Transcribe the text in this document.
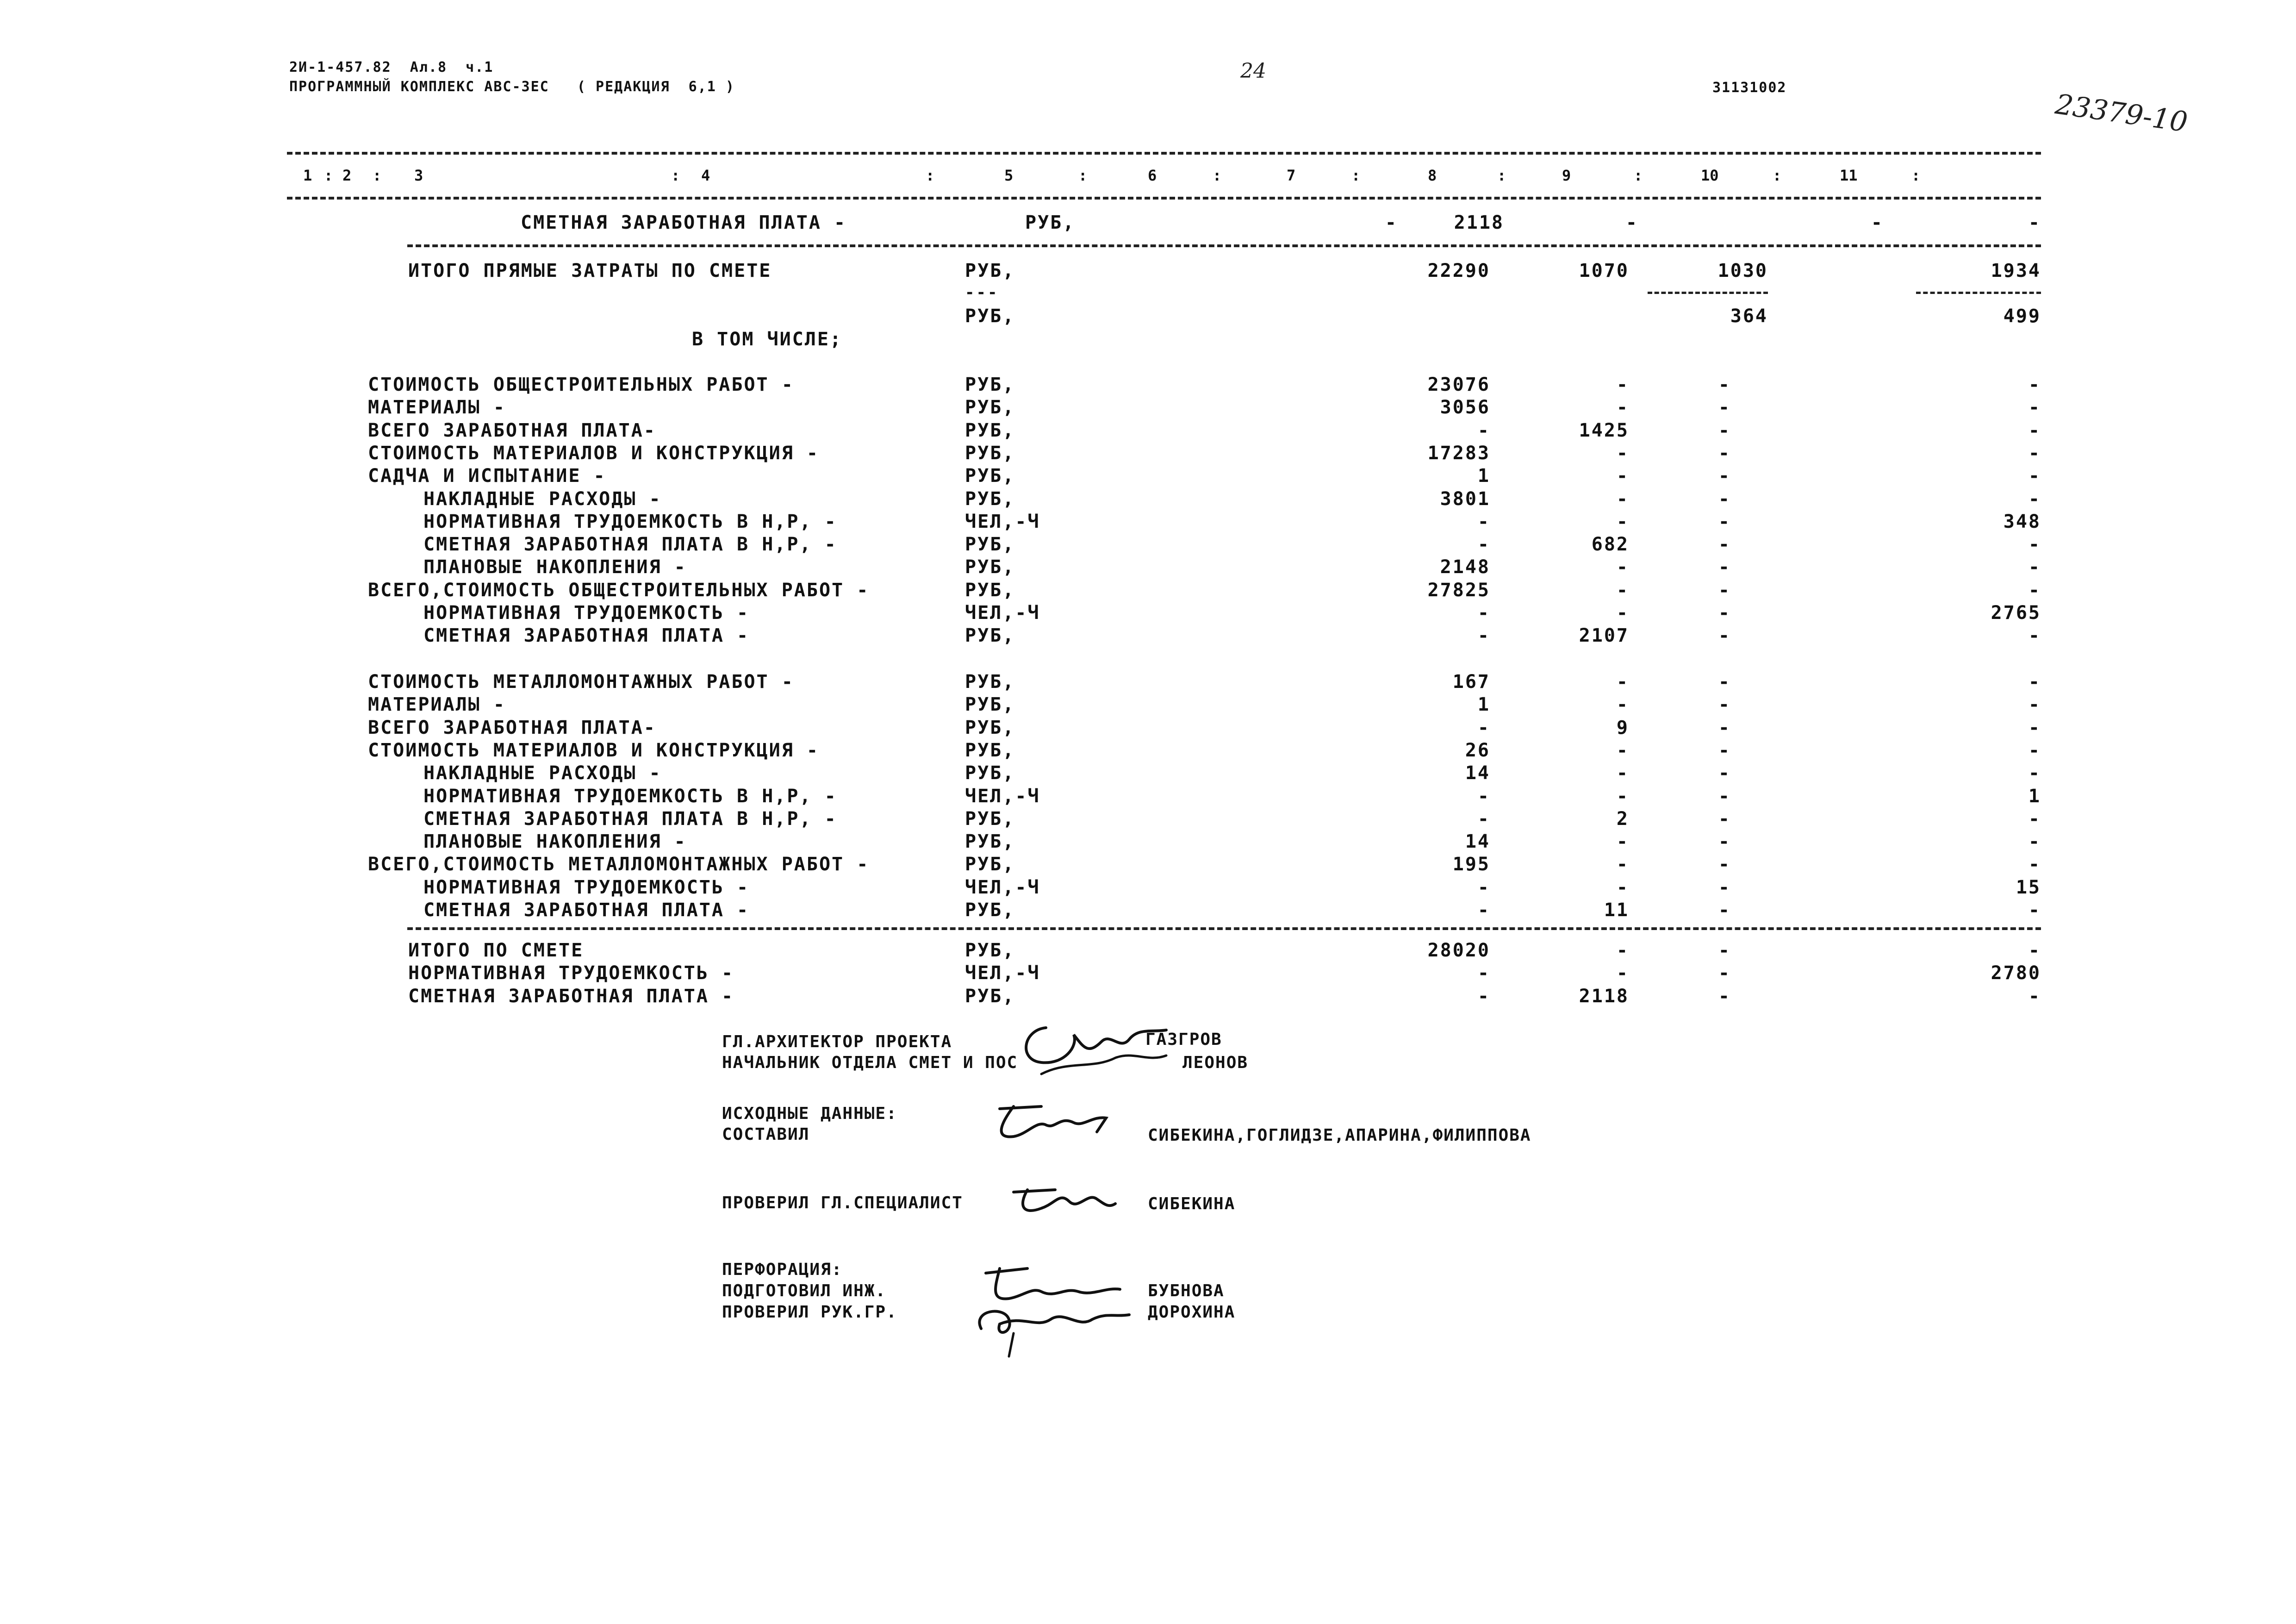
2И-1-457.82  Ал.8  ч.1
ПРОГРАММНЫЙ КОМПЛЕКС АВС-3ЕС   ( РЕДАКЦИЯ  6,1 )
24
31131002
23379-10
1 2	3	4	5	6	7	8	9	10	11
:	:	:	:	:	:	:	:	:	:	:
СМЕТНАЯ ЗАРАБОТНАЯ ПЛАТА -	РУБ,	-	2118	-	-	-
ИТОГО ПРЯМЫЕ ЗАТРАТЫ ПО СМЕТЕ	РУБ,	22290	1070	1030	1934
---
РУБ,	364	499
В ТОМ ЧИСЛЕ;
СТОИМОСТЬ ОБЩЕСТРОИТЕЛЬНЫХ РАБОТ -	РУБ,	23076	-	-	-
МАТЕРИАЛЫ -	РУБ,	3056	-	-	-
ВСЕГО ЗАРАБОТНАЯ ПЛАТА-	РУБ,	-	1425	-	-
СТОИМОСТЬ МАТЕРИАЛОВ И КОНСТРУКЦИЯ -	РУБ,	17283	-	-	-
САДЧА И ИСПЫТАНИЕ -	РУБ,	1	-	-	-
НАКЛАДНЫЕ РАСХОДЫ -	РУБ,	3801	-	-	-
НОРМАТИВНАЯ ТРУДОЕМКОСТЬ В Н,Р, -	ЧЕЛ,-Ч	-	-	-	348
СМЕТНАЯ ЗАРАБОТНАЯ ПЛАТА В Н,Р, -	РУБ,	-	682	-	-
ПЛАНОВЫЕ НАКОПЛЕНИЯ -	РУБ,	2148	-	-	-
ВСЕГО,СТОИМОСТЬ ОБЩЕСТРОИТЕЛЬНЫХ РАБОТ -	РУБ,	27825	-	-	-
НОРМАТИВНАЯ ТРУДОЕМКОСТЬ -	ЧЕЛ,-Ч	-	-	-	2765
СМЕТНАЯ ЗАРАБОТНАЯ ПЛАТА -	РУБ,	-	2107	-	-
СТОИМОСТЬ МЕТАЛЛОМОНТАЖНЫХ РАБОТ -	РУБ,	167	-	-	-
МАТЕРИАЛЫ -	РУБ,	1	-	-	-
ВСЕГО ЗАРАБОТНАЯ ПЛАТА-	РУБ,	-	9	-	-
СТОИМОСТЬ МАТЕРИАЛОВ И КОНСТРУКЦИЯ -	РУБ,	26	-	-	-
НАКЛАДНЫЕ РАСХОДЫ -	РУБ,	14	-	-	-
НОРМАТИВНАЯ ТРУДОЕМКОСТЬ В Н,Р, -	ЧЕЛ,-Ч	-	-	-	1
СМЕТНАЯ ЗАРАБОТНАЯ ПЛАТА В Н,Р, -	РУБ,	-	2	-	-
ПЛАНОВЫЕ НАКОПЛЕНИЯ -	РУБ,	14	-	-	-
ВСЕГО,СТОИМОСТЬ МЕТАЛЛОМОНТАЖНЫХ РАБОТ -	РУБ,	195	-	-	-
НОРМАТИВНАЯ ТРУДОЕМКОСТЬ -	ЧЕЛ,-Ч	-	-	-	15
СМЕТНАЯ ЗАРАБОТНАЯ ПЛАТА -	РУБ,	-	11	-	-
ИТОГО ПО СМЕТЕ	РУБ,	28020	-	-	-
НОРМАТИВНАЯ ТРУДОЕМКОСТЬ -	ЧЕЛ,-Ч	-	-	-	2780
СМЕТНАЯ ЗАРАБОТНАЯ ПЛАТА -	РУБ,	-	2118	-	-
ГЛ.АРХИТЕКТОР ПРОЕКТА
НАЧАЛЬНИК ОТДЕЛА СМЕТ И ПОС
ГАЗГРОВ
ЛЕОНОВ
ИСХОДНЫЕ ДАННЫЕ:
СОСТАВИЛ	СИБЕКИНА,ГОГЛИДЗЕ,АПАРИНА,ФИЛИППОВА
ПРОВЕРИЛ ГЛ.СПЕЦИАЛИСТ	СИБЕКИНА
ПЕРФОРАЦИЯ:
ПОДГОТОВИЛ ИНЖ.
ПРОВЕРИЛ РУК.ГР.
БУБНОВА
ДОРОХИНА
